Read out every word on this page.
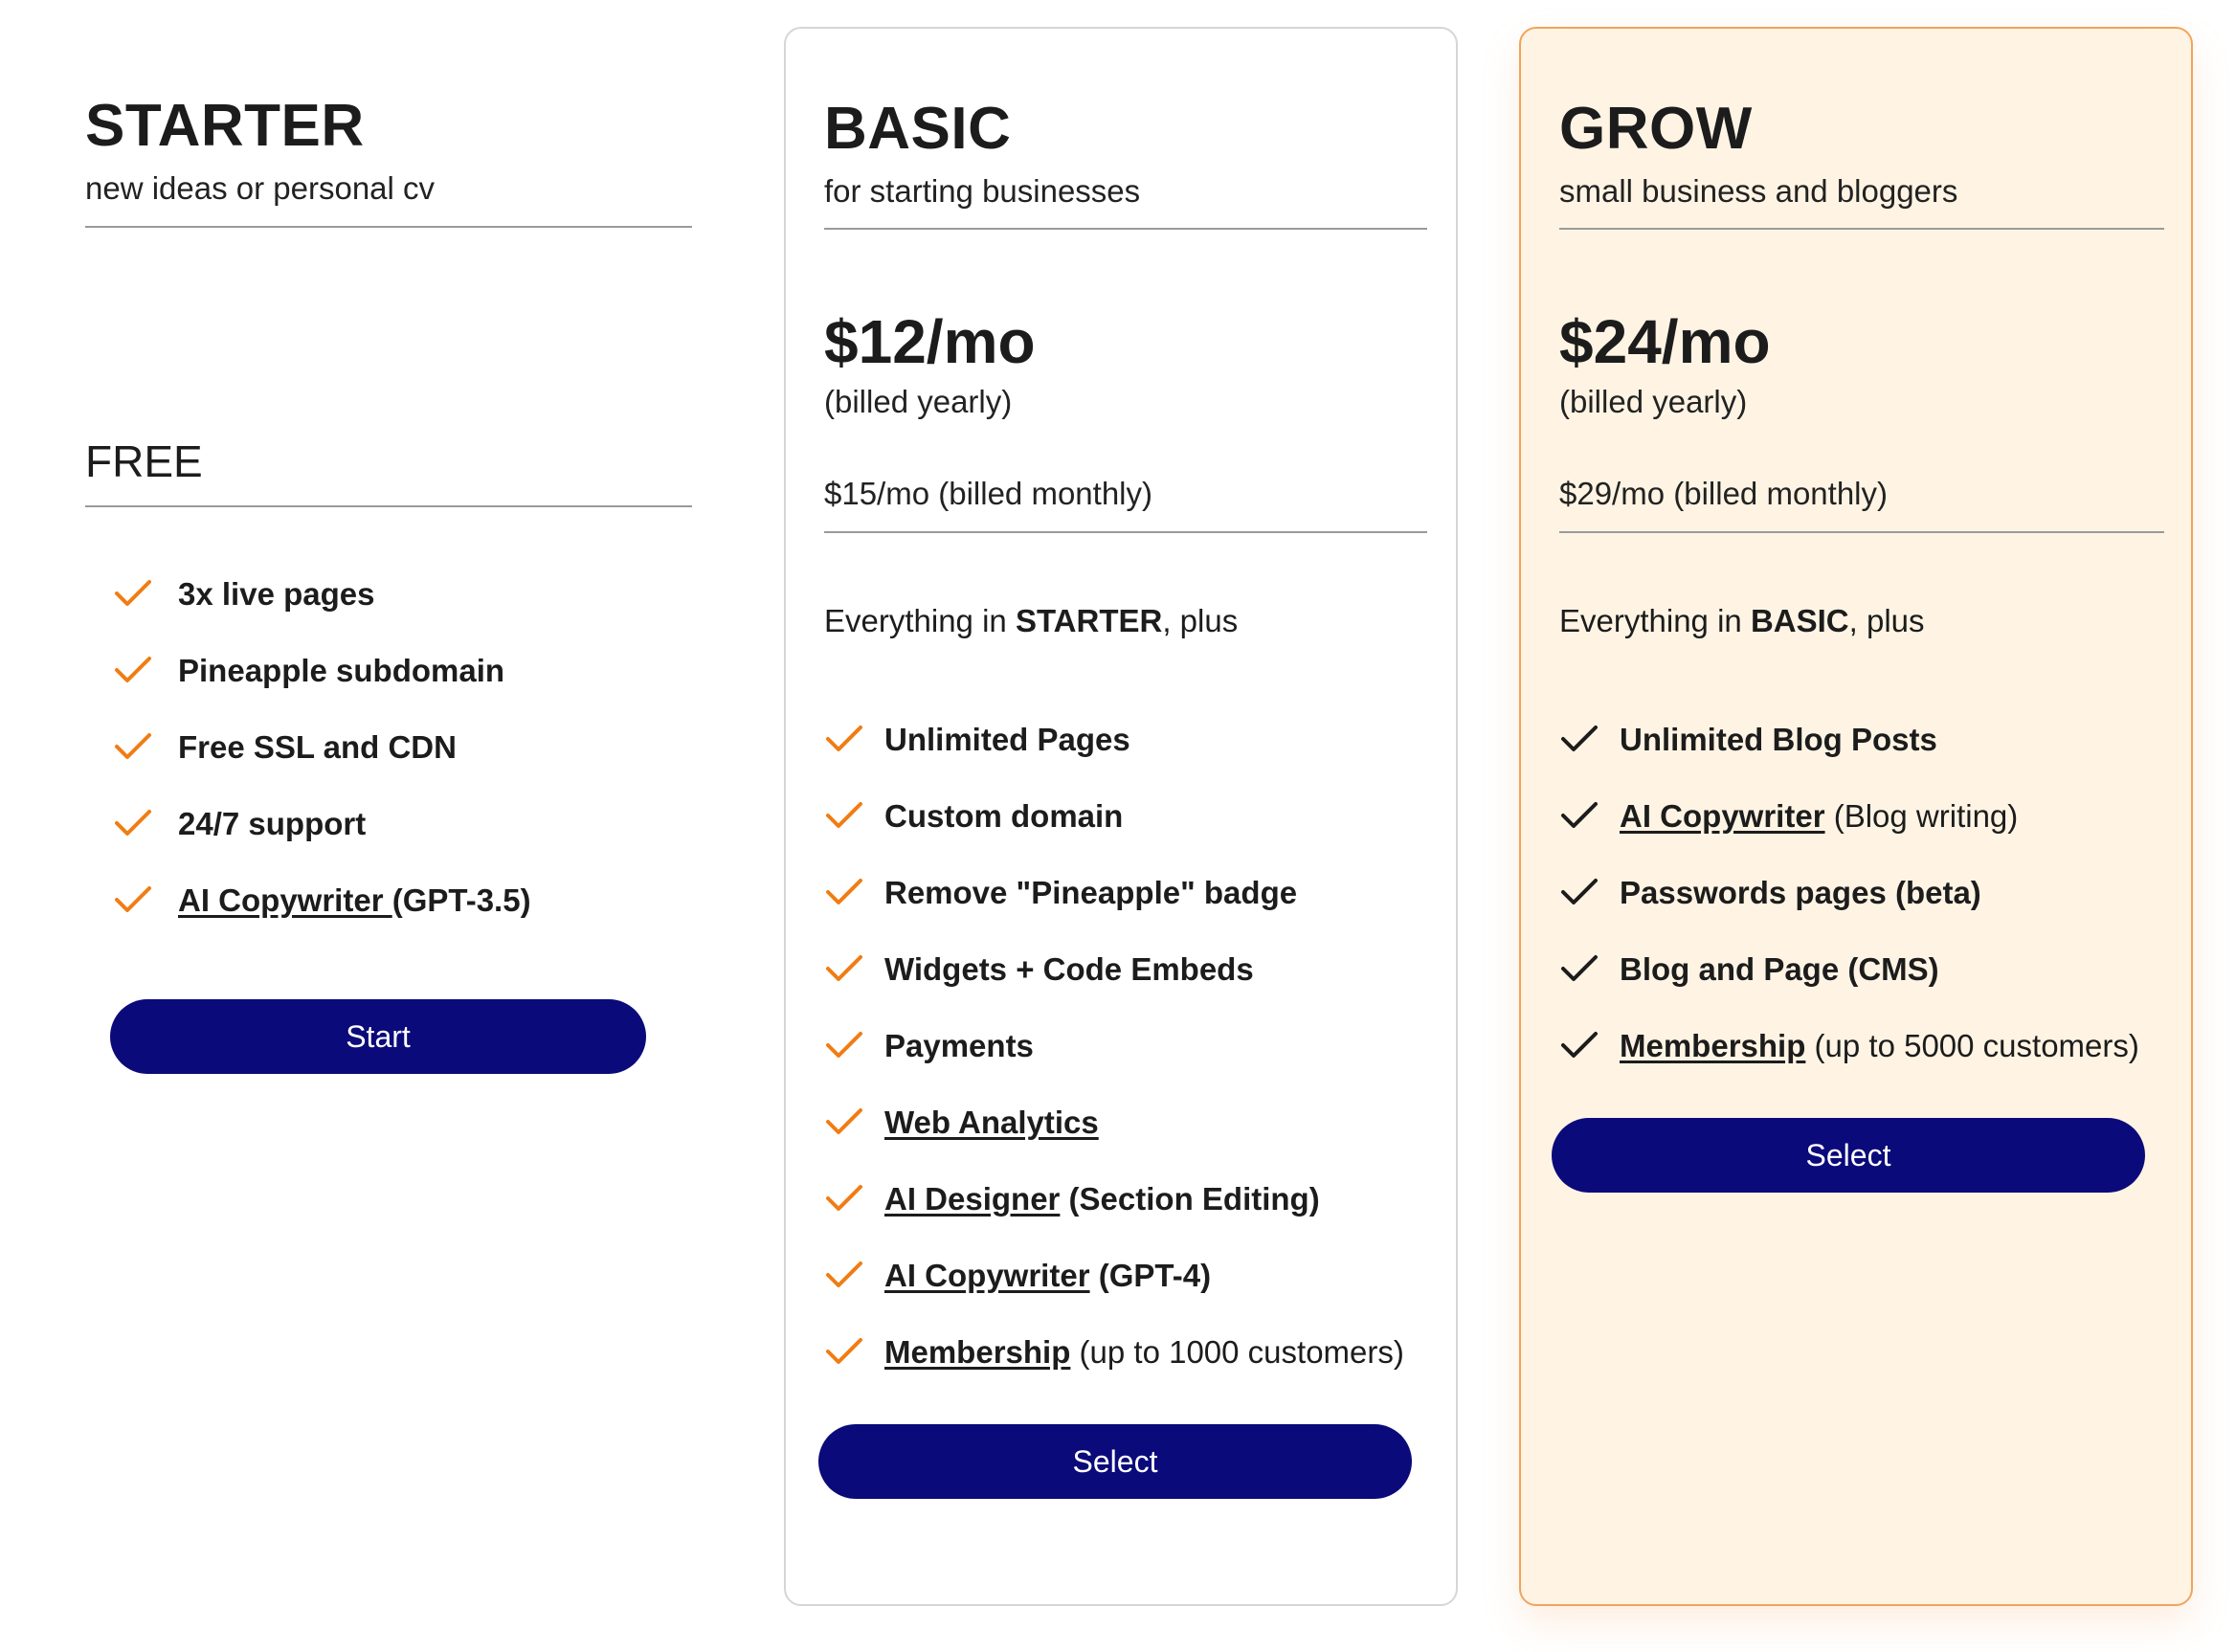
STARTER
new ideas or personal cv
FREE
3x live pages
Pineapple subdomain
Free SSL and CDN
24/7 support
AI Copywriter (GPT-3.5)
Start
BASIC
for starting businesses
$12/mo
(billed yearly)
$15/mo (billed monthly)
Everything in STARTER, plus
Unlimited Pages
Custom domain
Remove "Pineapple" badge
Widgets + Code Embeds
Payments
Web Analytics
AI Designer (Section Editing)
AI Copywriter (GPT-4)
Membership (up to 1000 customers)
Select
GROW
small business and bloggers
$24/mo
(billed yearly)
$29/mo (billed monthly)
Everything in BASIC, plus
Unlimited Blog Posts
AI Copywriter (Blog writing)
Passwords pages (beta)
Blog and Page (CMS)
Membership (up to 5000 customers)
Select
